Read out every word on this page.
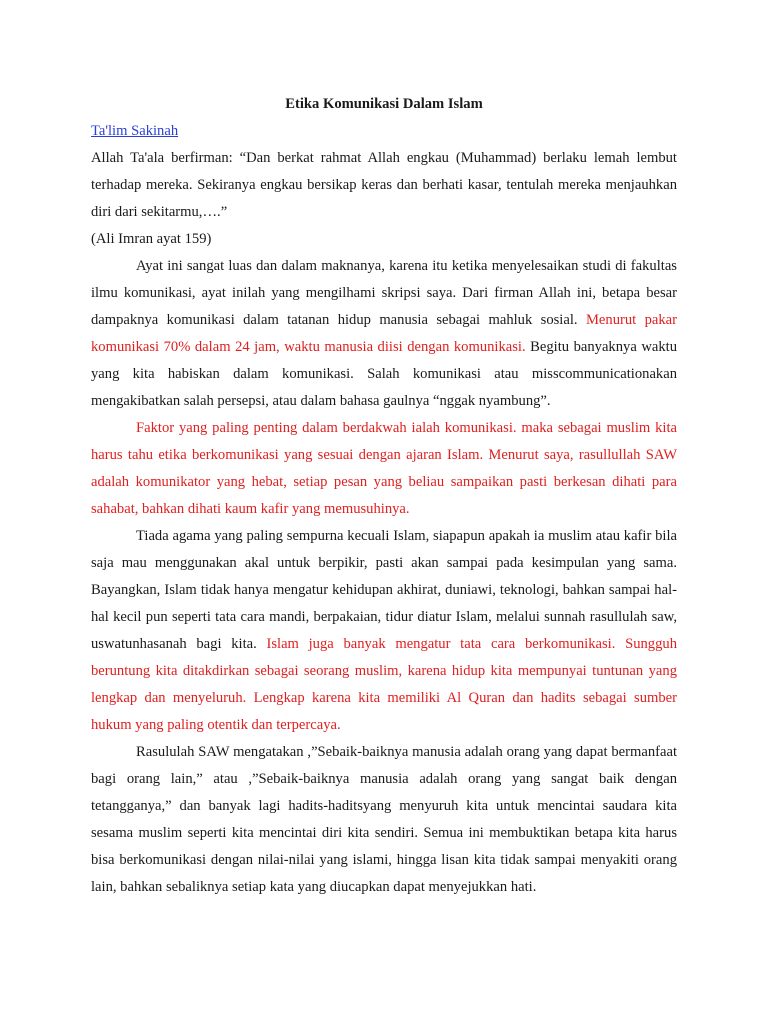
Etika Komunikasi Dalam Islam

Ta'lim Sakinah

Allah Ta'ala berfirman: “Dan berkat rahmat Allah engkau (Muhammad) berlaku lemah lembut terhadap mereka. Sekiranya engkau bersikap keras dan berhati kasar, tentulah mereka menjauhkan diri dari sekitarmu,….”

(Ali Imran ayat 159)

Ayat ini sangat luas dan dalam maknanya, karena itu ketika menyelesaikan studi di fakultas ilmu komunikasi, ayat inilah yang mengilhami skripsi saya. Dari firman Allah ini, betapa besar dampaknya komunikasi dalam tatanan hidup manusia sebagai mahluk sosial. Menurut pakar komunikasi 70% dalam 24 jam, waktu manusia diisi dengan komunikasi. Begitu banyaknya waktu yang kita habiskan dalam komunikasi. Salah komunikasi atau misscommunicationakan mengakibatkan salah persepsi, atau dalam bahasa gaulnya “nggak nyambung”.

Faktor yang paling penting dalam berdakwah ialah komunikasi. maka sebagai muslim kita harus tahu etika berkomunikasi yang sesuai dengan ajaran Islam. Menurut saya, rasullullah SAW adalah komunikator yang hebat, setiap pesan yang beliau sampaikan pasti berkesan dihati para sahabat, bahkan dihati kaum kafir yang memusuhinya.

Tiada agama yang paling sempurna kecuali Islam, siapapun apakah ia muslim atau kafir bila saja mau menggunakan akal untuk berpikir, pasti akan sampai pada kesimpulan yang sama. Bayangkan, Islam tidak hanya mengatur kehidupan akhirat, duniawi, teknologi, bahkan sampai hal-hal kecil pun seperti tata cara mandi, berpakaian, tidur diatur Islam, melalui sunnah rasullulah saw, uswatunhasanah bagi kita. Islam juga banyak mengatur tata cara berkomunikasi. Sungguh beruntung kita ditakdirkan sebagai seorang muslim, karena hidup kita mempunyai tuntunan yang lengkap dan menyeluruh. Lengkap karena kita memiliki Al Quran dan hadits sebagai sumber hukum yang paling otentik dan terpercaya.

Rasululah SAW mengatakan ,”Sebaik-baiknya manusia adalah orang yang dapat bermanfaat bagi orang lain,” atau ,”Sebaik-baiknya manusia adalah orang yang sangat baik dengan tetangganya,” dan banyak lagi hadits-haditsyang menyuruh kita untuk mencintai saudara kita sesama muslim seperti kita mencintai diri kita sendiri. Semua ini membuktikan betapa kita harus bisa berkomunikasi dengan nilai-nilai yang islami, hingga lisan kita tidak sampai menyakiti orang lain, bahkan sebaliknya setiap kata yang diucapkan dapat menyejukkan hati.
